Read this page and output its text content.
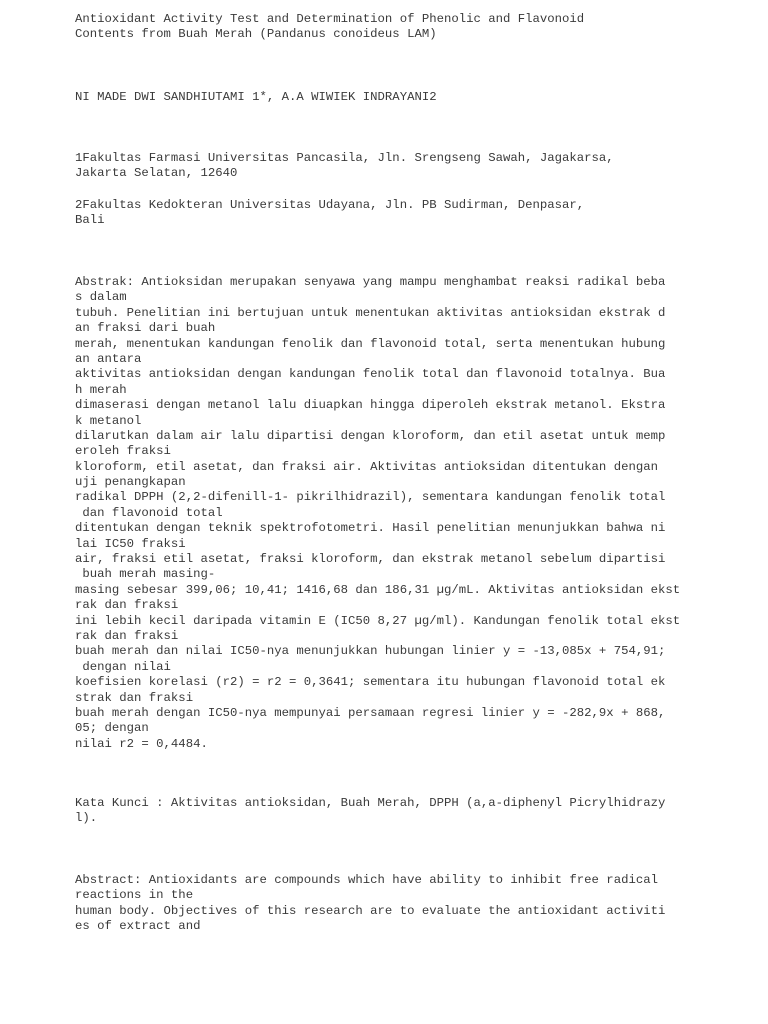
Antioxidant Activity Test and Determination of Phenolic and Flavonoid
Contents from Buah Merah (Pandanus conoideus LAM)
NI MADE DWI SANDHIUTAMI 1*, A.A WIWIEK INDRAYANI2
1Fakultas Farmasi Universitas Pancasila, Jln. Srengseng Sawah, Jagakarsa,
Jakarta Selatan, 12640
2Fakultas Kedokteran Universitas Udayana, Jln. PB Sudirman, Denpasar,
Bali
Abstrak: Antioksidan merupakan senyawa yang mampu menghambat reaksi radikal beba
s dalam
tubuh. Penelitian ini bertujuan untuk menentukan aktivitas antioksidan ekstrak d
an fraksi dari buah
merah, menentukan kandungan fenolik dan flavonoid total, serta menentukan hubung
an antara
aktivitas antioksidan dengan kandungan fenolik total dan flavonoid totalnya. Bua
h merah
dimaserasi dengan metanol lalu diuapkan hingga diperoleh ekstrak metanol. Ekstra
k metanol
dilarutkan dalam air lalu dipartisi dengan kloroform, dan etil asetat untuk memp
eroleh fraksi
kloroform, etil asetat, dan fraksi air. Aktivitas antioksidan ditentukan dengan
uji penangkapan
radikal DPPH (2,2-difenill-1- pikrilhidrazil), sementara kandungan fenolik total
dan flavonoid total
ditentukan dengan teknik spektrofotometri. Hasil penelitian menunjukkan bahwa ni
lai IC50 fraksi
air, fraksi etil asetat, fraksi kloroform, dan ekstrak metanol sebelum dipartisi
buah merah masing-
masing sebesar 399,06; 10,41; 1416,68 dan 186,31 µg/mL. Aktivitas antioksidan ekst
rak dan fraksi
ini lebih kecil daripada vitamin E (IC50 8,27 µg/ml). Kandungan fenolik total ekst
rak dan fraksi
buah merah dan nilai IC50-nya menunjukkan hubungan linier y = -13,085x + 754,91;
dengan nilai
koefisien korelasi (r2) = r2 = 0,3641; sementara itu hubungan flavonoid total ek
strak dan fraksi
buah merah dengan IC50-nya mempunyai persamaan regresi linier y = -282,9x + 868,
05; dengan
nilai r2 = 0,4484.
Kata Kunci : Aktivitas antioksidan, Buah Merah, DPPH (a,a-diphenyl Picrylhidrazy
l).
Abstract: Antioxidants are compounds which have ability to inhibit free radical
reactions in the
human body. Objectives of this research are to evaluate the antioxidant activiti
es of extract and
